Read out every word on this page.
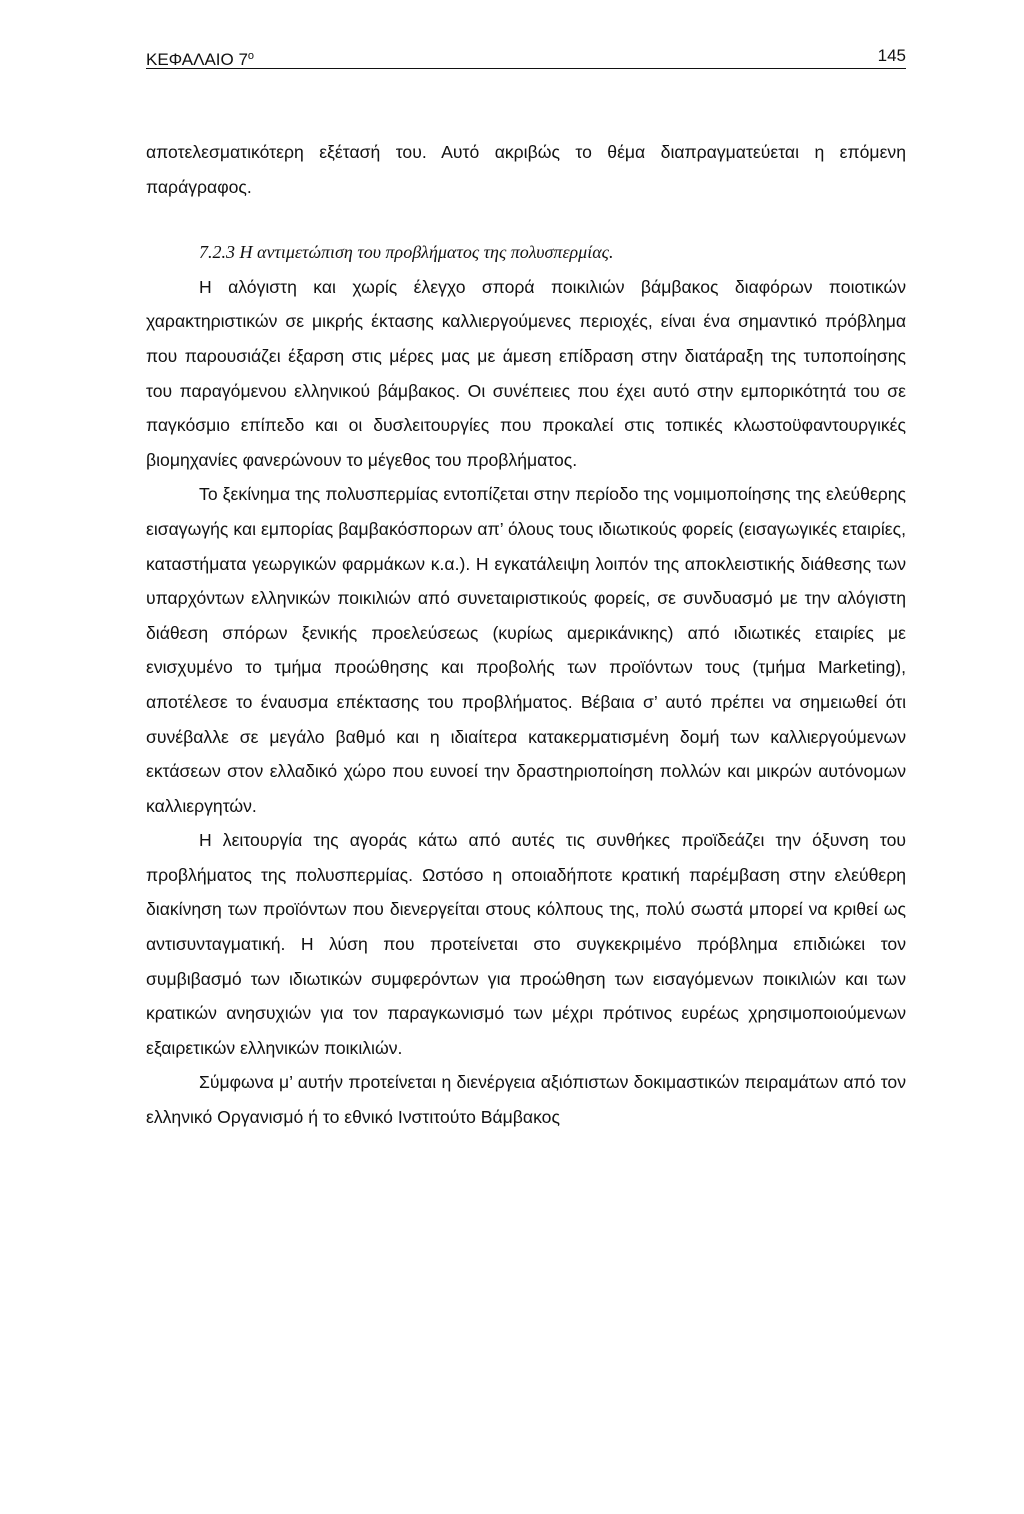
ΚΕΦΑΛΑΙΟ $7^o$	145

αποτελεσματικότερη εξέτασή του. Αυτό ακριβώς το θέμα διαπραγματεύεται η επόμενη παράγραφος.

7.2.3 Η αντιμετώπιση του προβλήματος της πολυσπερμίας.

Η αλόγιστη και χωρίς έλεγχο σπορά ποικιλιών βάμβακος διαφόρων ποιοτικών χαρακτηριστικών σε μικρής έκτασης καλλιεργούμενες περιοχές, είναι ένα σημαντικό πρόβλημα που παρουσιάζει έξαρση στις μέρες μας με άμεση επίδραση στην διατάραξη της τυποποίησης του παραγόμενου ελληνικού βάμβακος. Οι συνέπειες που έχει αυτό στην εμπορικότητά του σε παγκόσμιο επίπεδο και οι δυσλειτουργίες που προκαλεί στις τοπικές κλωστοϋφαντουργικές βιομηχανίες φανερώνουν το μέγεθος του προβλήματος.

Το ξεκίνημα της πολυσπερμίας εντοπίζεται στην περίοδο της νομιμοποίησης της ελεύθερης εισαγωγής και εμπορίας βαμβακόσπορων απ’ όλους τους ιδιωτικούς φορείς (εισαγωγικές εταιρίες, καταστήματα γεωργικών φαρμάκων κ.α.). Η εγκατάλειψη λοιπόν της αποκλειστικής διάθεσης των υπαρχόντων ελληνικών ποικιλιών από συνεταιριστικούς φορείς, σε συνδυασμό με την αλόγιστη διάθεση σπόρων ξενικής προελεύσεως (κυρίως αμερικάνικης) από ιδιωτικές εταιρίες με ενισχυμένο το τμήμα προώθησης και προβολής των προϊόντων τους (τμήμα Marketing), αποτέλεσε το έναυσμα επέκτασης του προβλήματος. Βέβαια σ’ αυτό πρέπει να σημειωθεί ότι συνέβαλλε σε μεγάλο βαθμό και η ιδιαίτερα κατακερματισμένη δομή των καλλιεργούμενων εκτάσεων στον ελλαδικό χώρο που ευνοεί την δραστηριοποίηση πολλών και μικρών αυτόνομων καλλιεργητών.

Η λειτουργία της αγοράς κάτω από αυτές τις συνθήκες προϊδεάζει την όξυνση του προβλήματος της πολυσπερμίας. Ωστόσο η οποιαδήποτε κρατική παρέμβαση στην ελεύθερη διακίνηση των προϊόντων που διενεργείται στους κόλπους της, πολύ σωστά μπορεί να κριθεί ως αντισυνταγματική. Η λύση που προτείνεται στο συγκεκριμένο πρόβλημα επιδιώκει τον συμβιβασμό των ιδιωτικών συμφερόντων για προώθηση των εισαγόμενων ποικιλιών και των κρατικών ανησυχιών για τον παραγκωνισμό των μέχρι πρότινος ευρέως χρησιμοποιούμενων εξαιρετικών ελληνικών ποικιλιών.

Σύμφωνα μ’ αυτήν προτείνεται η διενέργεια αξιόπιστων δοκιμαστικών πειραμάτων από τον ελληνικό Οργανισμό ή το εθνικό Ινστιτούτο Βάμβακος
